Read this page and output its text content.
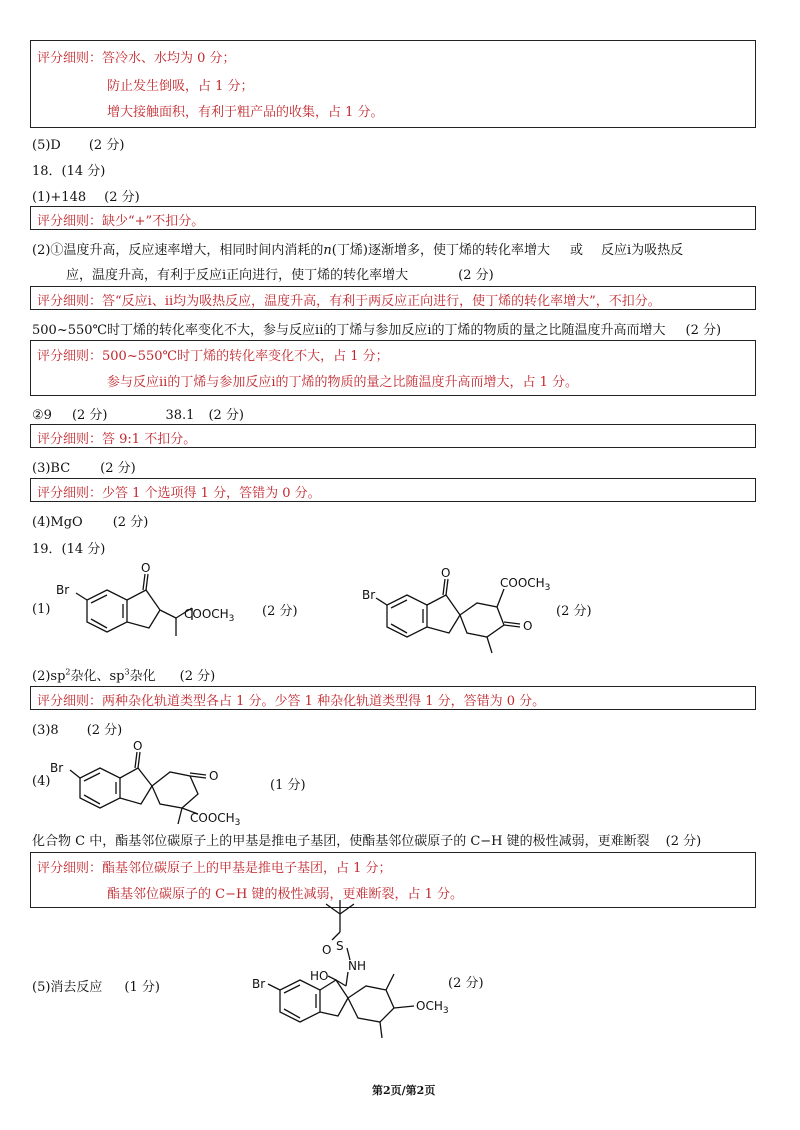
评分细则：答冷水、水均为 0 分；
防止发生倒吸，占 1 分；
增大接触面积，有利于粗产品的收集，占 1 分。
(5)D (2 分)
18．(14 分)
(1)+148 (2 分)
评分细则：缺少“+”不扣分。
(2)①温度升高，反应速率增大，相同时间内消耗的n(丁烯)逐渐增多，使丁烯的转化率增大 或 反应i为吸热反
应，温度升高，有利于反应i正向进行，使丁烯的转化率增大	(2 分)
评分细则：答“反应i、ii均为吸热反应，温度升高，有利于两反应正向进行，使丁烯的转化率增大”，不扣分。
500~550℃时丁烯的转化率变化不大，参与反应ii的丁烯与参加反应i的丁烯的物质的量之比随温度升高而增大 (2 分)
评分细则：500~550℃时丁烯的转化率变化不大，占 1 分；
参与反应ii的丁烯与参加反应i的丁烯的物质的量之比随温度升高而增大，占 1 分。
②9 (2 分)	38.1 (2 分)
评分细则：答 9:1 不扣分。
(3)BC (2 分)
评分细则：少答 1 个选项得 1 分，答错为 0 分。
(4)MgO (2 分)
19．(14 分)
(1)
Br
O
$COOCH_3$ (2 分)
Br
O
$COOCH_3$
O
(2 分)
$(2)sp^2$杂化、$sp^3$杂化 (2 分)
评分细则：两种杂化轨道类型各占 1 分。少答 1 种杂化轨道类型得 1 分，答错为 0 分。
(3)8 (2 分)
(4)
Br
O
O
$COOCH_3$
(1 分)
化合物 C 中，酯基邻位碳原子上的甲基是推电子基团，使酯基邻位碳原子的 C−H 键的极性减弱，更难断裂 (2 分)
评分细则：酯基邻位碳原子上的甲基是推电子基团，占 1 分；
酯基邻位碳原子的 C−H 键的极性减弱，更难断裂，占 1 分。
(5)消去反应 (1 分)
O S
NH
HO
Br
$OCH_3$
(2 分)
第2页/第2页
